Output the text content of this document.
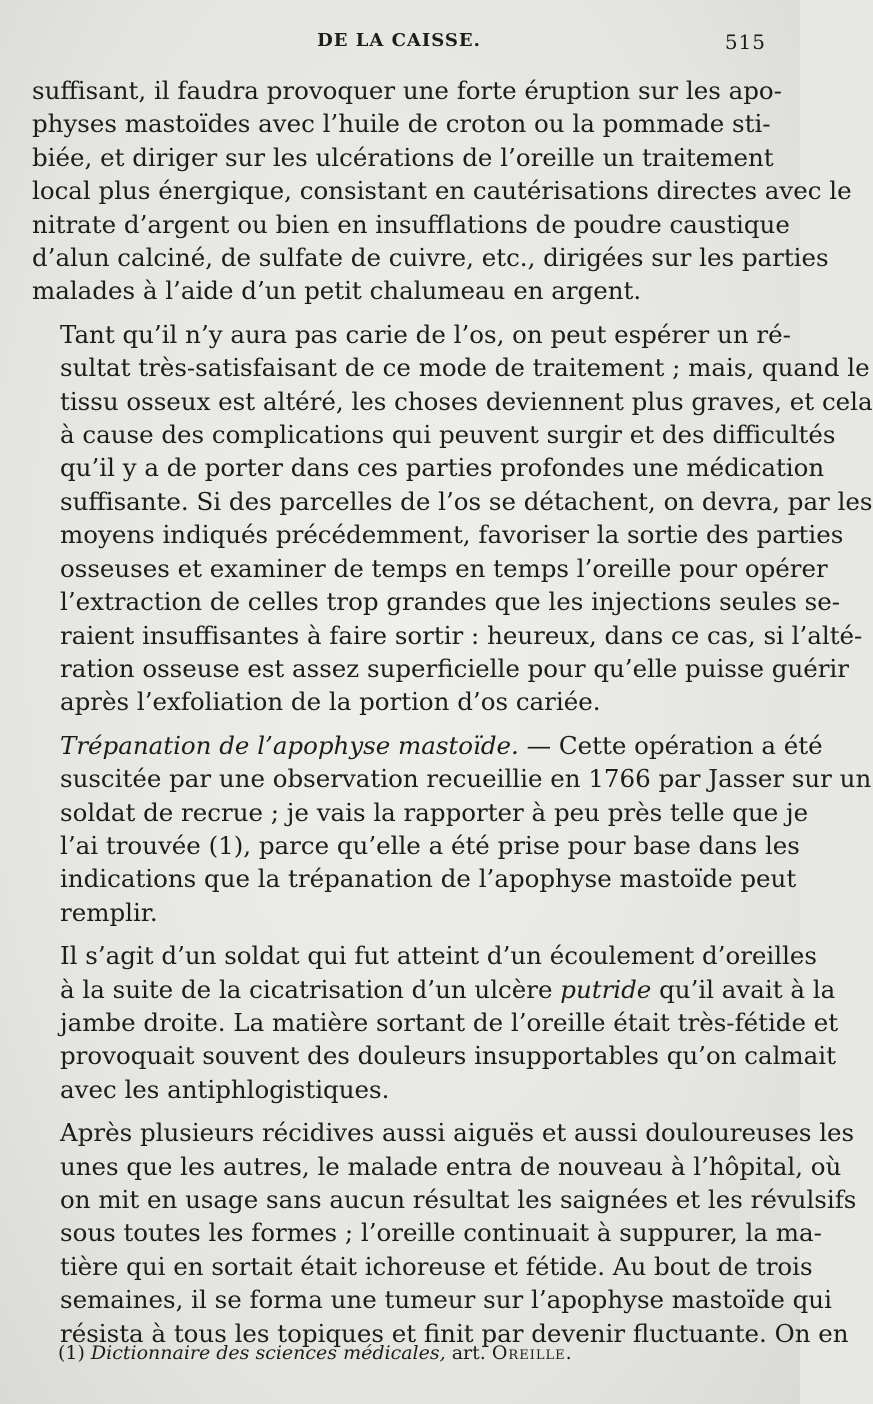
DE LA CAISSE.	515

suffisant, il faudra provoquer une forte éruption sur les apo-
physes mastoïdes avec l’huile de croton ou la pommade sti-
biée, et diriger sur les ulcérations de l’oreille un traitement
local plus énergique, consistant en cautérisations directes avec le
nitrate d’argent ou bien en insufflations de poudre caustique
d’alun calciné, de sulfate de cuivre, etc., dirigées sur les parties
malades à l’aide d’un petit chalumeau en argent.

Tant qu’il n’y aura pas carie de l’os, on peut espérer un ré-
sultat très-satisfaisant de ce mode de traitement ; mais, quand le
tissu osseux est altéré, les choses deviennent plus graves, et cela
à cause des complications qui peuvent surgir et des difficultés
qu’il y a de porter dans ces parties profondes une médication
suffisante. Si des parcelles de l’os se détachent, on devra, par les
moyens indiqués précédemment, favoriser la sortie des parties
osseuses et examiner de temps en temps l’oreille pour opérer
l’extraction de celles trop grandes que les injections seules se-
raient insuffisantes à faire sortir : heureux, dans ce cas, si l’alté-
ration osseuse est assez superficielle pour qu’elle puisse guérir
après l’exfoliation de la portion d’os cariée.

Trépanation de l’apophyse mastoïde. — Cette opération a été
suscitée par une observation recueillie en 1766 par Jasser sur un
soldat de recrue ; je vais la rapporter à peu près telle que je
l’ai trouvée (1), parce qu’elle a été prise pour base dans les
indications que la trépanation de l’apophyse mastoïde peut
remplir.

Il s’agit d’un soldat qui fut atteint d’un écoulement d’oreilles
à la suite de la cicatrisation d’un ulcère putride qu’il avait à la
jambe droite. La matière sortant de l’oreille était très-fétide et
provoquait souvent des douleurs insupportables qu’on calmait
avec les antiphlogistiques.

Après plusieurs récidives aussi aiguës et aussi douloureuses les
unes que les autres, le malade entra de nouveau à l’hôpital, où
on mit en usage sans aucun résultat les saignées et les révulsifs
sous toutes les formes ; l’oreille continuait à suppurer, la ma-
tière qui en sortait était ichoreuse et fétide. Au bout de trois
semaines, il se forma une tumeur sur l’apophyse mastoïde qui
résista à tous les topiques et finit par devenir fluctuante. On en

(1) Dictionnaire des sciences médicales, art. Oreille.
